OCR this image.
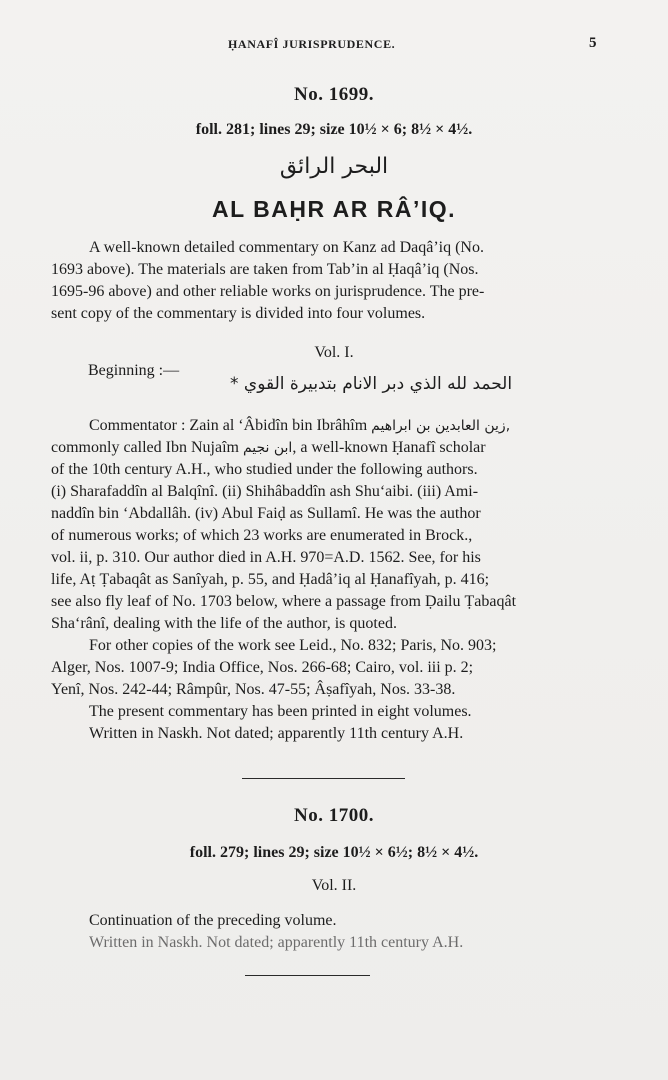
ḤANAFÎ JURISPRUDENCE.	5
No. 1699.
foll. 281; lines 29; size 10½ × 6; 8½ × 4½.
البحر الرائق
AL BAḤR AR RÂ’IQ.

A well-known detailed commentary on Kanz ad Daqâ’iq (No.
1693 above). The materials are taken from Tab’in al Ḥaqâ’iq (Nos.
1695-96 above) and other reliable works on jurisprudence. The pre-
sent copy of the commentary is divided into four volumes.

Vol. I.
Beginning :—
الحمد لله الذي دبر الانام بتدبيرة القوي *
Commentator : Zain al ‘Âbidîn bin Ibrâhîm زين العابدين بن ابراهيم,
commonly called Ibn Nujaîm ابن نجيم, a well-known Ḥanafî scholar
of the 10th century A.H., who studied under the following authors.
(i) Sharafaddîn al Balqînî. (ii) Shihâbaddîn ash Shu‘aibi. (iii) Ami-
naddîn bin ‘Abdallâh. (iv) Abul Faiḍ as Sullamî. He was the author
of numerous works; of which 23 works are enumerated in Brock.,
vol. ii, p. 310. Our author died in A.H. 970=A.D. 1562. See, for his
life, Aṭ Ṭabaqât as Sanîyah, p. 55, and Ḥadâ’iq al Ḥanafîyah, p. 416;
see also fly leaf of No. 1703 below, where a passage from Ḍailu Ṭabaqât
Sha‘rânî, dealing with the life of the author, is quoted.
For other copies of the work see Leid., No. 832; Paris, No. 903;
Alger, Nos. 1007-9; India Office, Nos. 266-68; Cairo, vol. iii p. 2;
Yenî, Nos. 242-44; Râmpûr, Nos. 47-55; Âṣafîyah, Nos. 33-38.
The present commentary has been printed in eight volumes.
Written in Naskh. Not dated; apparently 11th century A.H.
No. 1700.
foll. 279; lines 29; size 10½ × 6½; 8½ × 4½.
Vol. II.
Continuation of the preceding volume.
Written in Naskh. Not dated; apparently 11th century A.H.
